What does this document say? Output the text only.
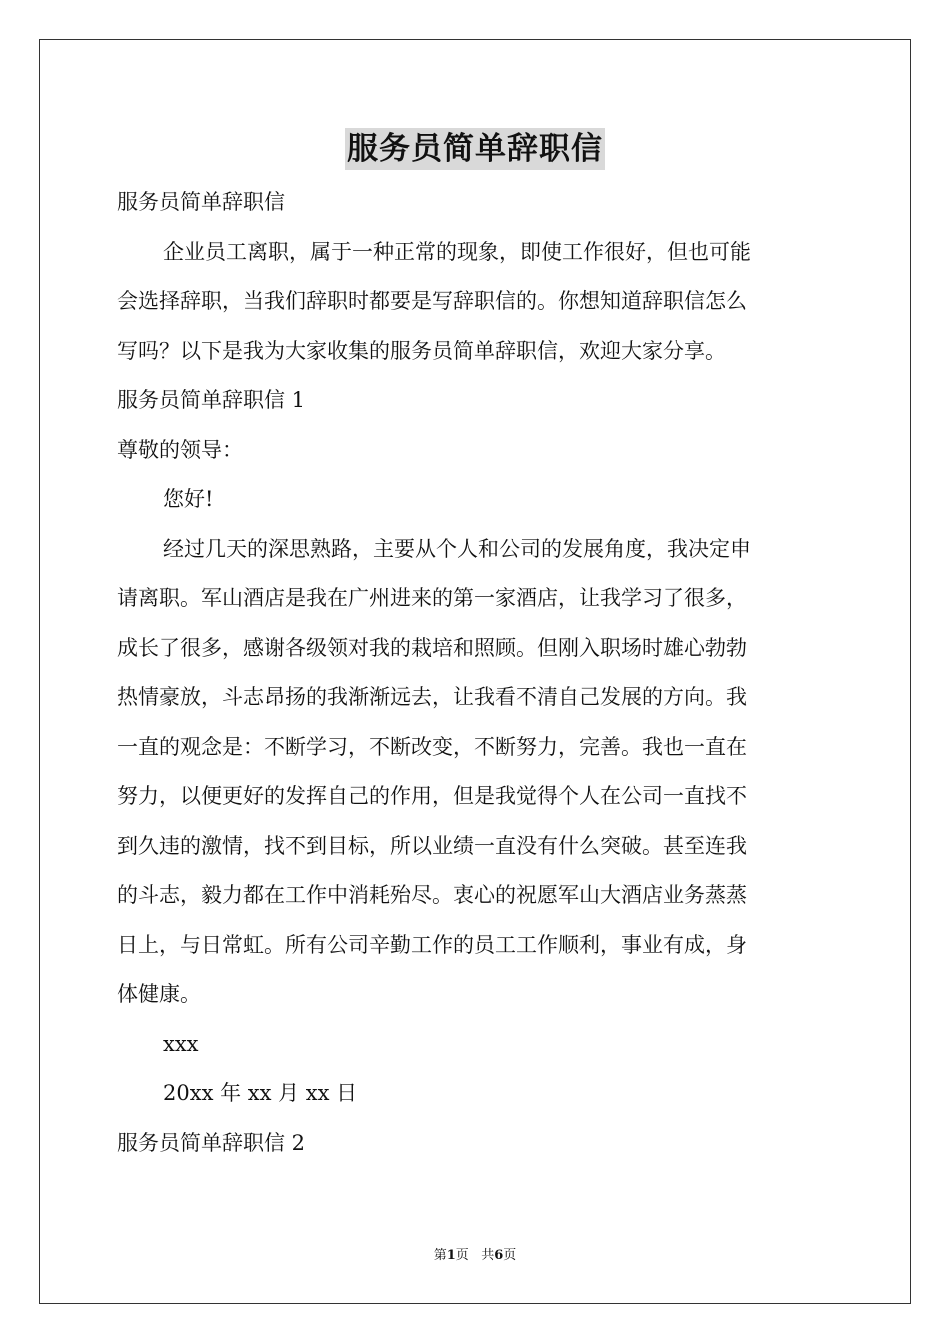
服务员简单辞职信
服务员简单辞职信
企业员工离职，属于一种正常的现象，即使工作很好，但也可能
会选择辞职，当我们辞职时都要是写辞职信的。你想知道辞职信怎么
写吗？以下是我为大家收集的服务员简单辞职信，欢迎大家分享。
服务员简单辞职信 1
尊敬的领导：
您好!
经过几天的深思熟路，主要从个人和公司的发展角度，我决定申
请离职。军山酒店是我在广州进来的第一家酒店，让我学习了很多，
成长了很多，感谢各级领对我的栽培和照顾。但刚入职场时雄心勃勃
热情豪放，斗志昂扬的我渐渐远去，让我看不清自己发展的方向。我
一直的观念是：不断学习，不断改变，不断努力，完善。我也一直在
努力，以便更好的发挥自己的作用，但是我觉得个人在公司一直找不
到久违的激情，找不到目标，所以业绩一直没有什么突破。甚至连我
的斗志，毅力都在工作中消耗殆尽。衷心的祝愿军山大酒店业务蒸蒸
日上，与日常虹。所有公司辛勤工作的员工工作顺利，事业有成，身
体健康。
xxx
20xx 年 xx 月 xx 日
服务员简单辞职信 2
第1页 共6页
